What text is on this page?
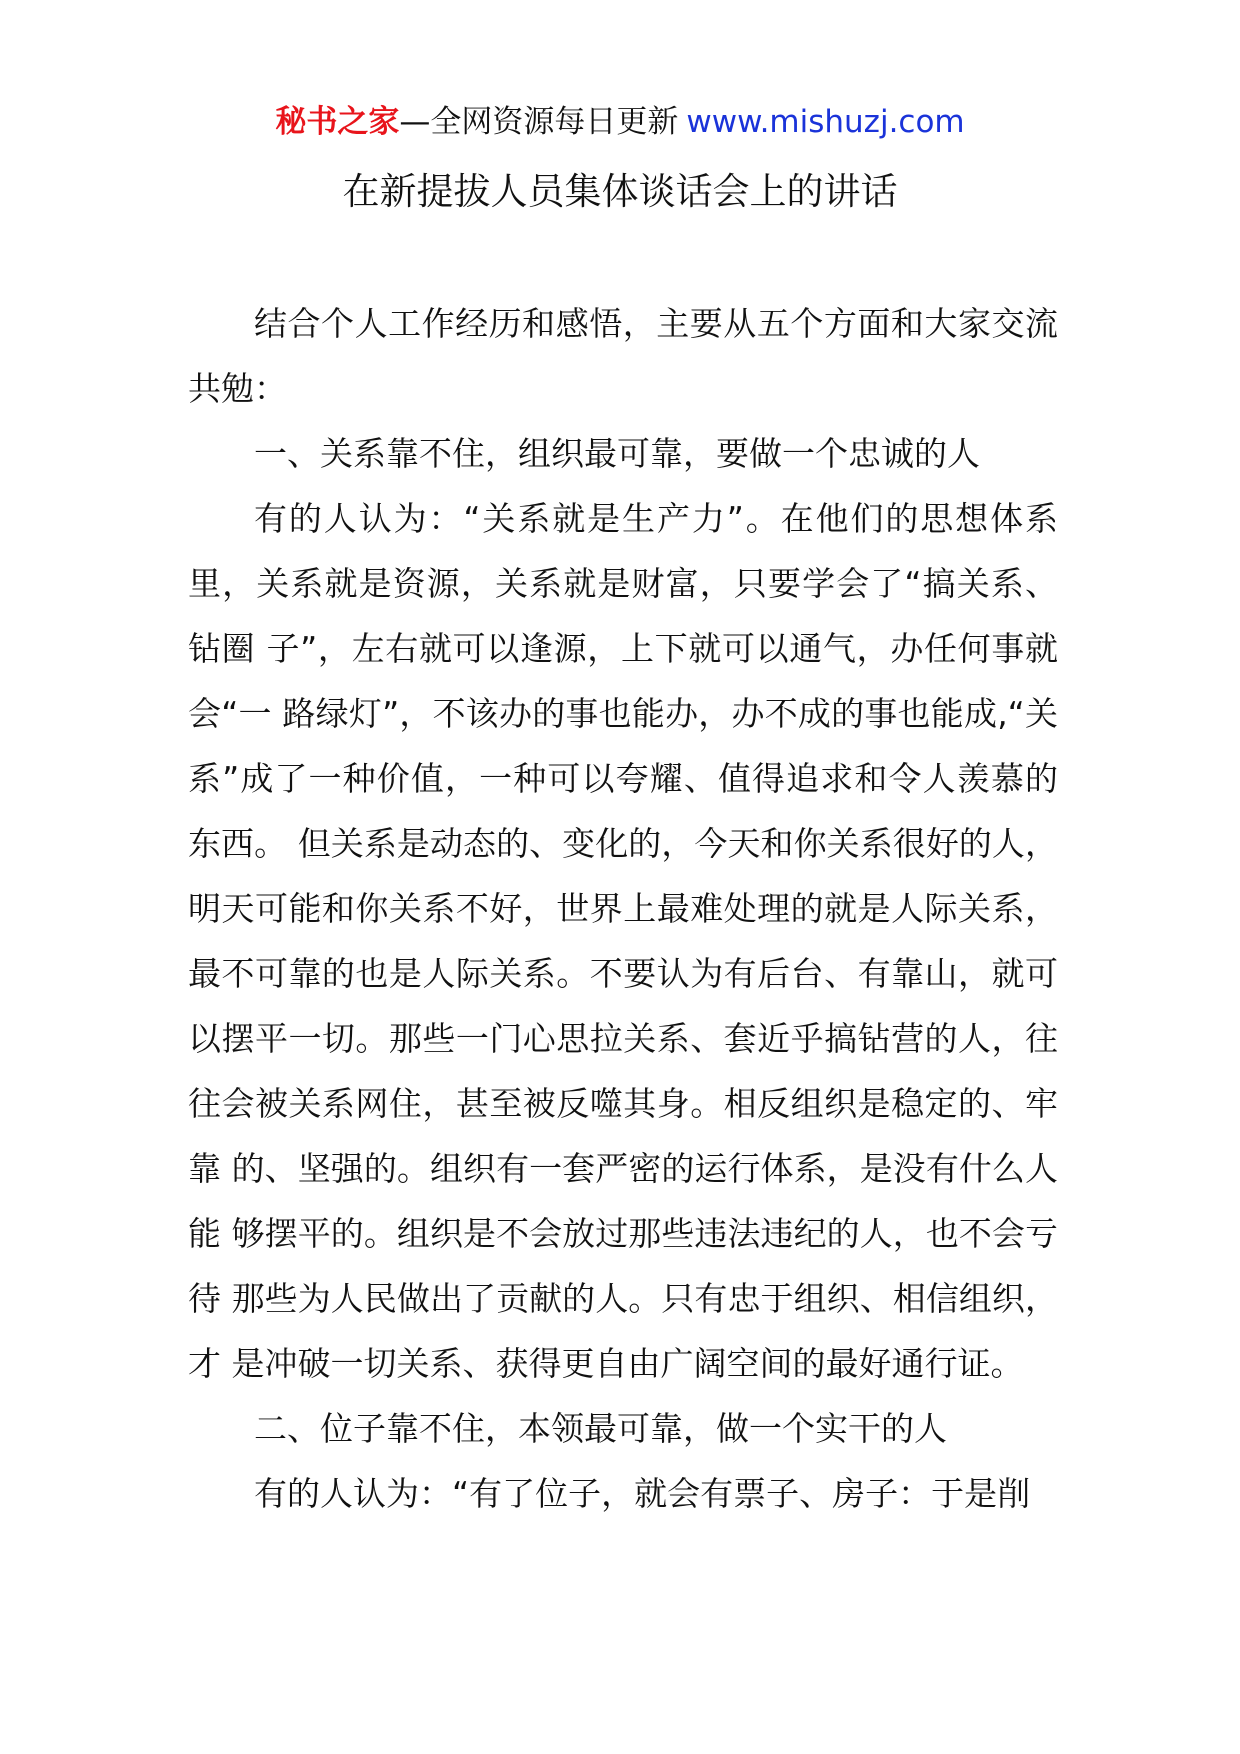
秘书之家—全网资源每日更新 www.mishuzj.com
在新提拔人员集体谈话会上的讲话

结合个人工作经历和感悟，主要从五个方面和大家交流共勉：

一、关系靠不住，组织最可靠，要做一个忠诚的人

有的人认为：“关系就是生产力”。在他们的思想体系里，关系就是资源，关系就是财富，只要学会了“搞关系、钻圈 子”，左右就可以逢源，上下就可以通气，办任何事就会“一 路绿灯”，不该办的事也能办，办不成的事也能成,“关系”成了一种价值，一种可以夸耀、值得追求和令人羡慕的东西。 但关系是动态的、变化的，今天和你关系很好的人，明天可能和你关系不好，世界上最难处理的就是人际关系，最不可靠的也是人际关系。不要认为有后台、有靠山，就可以摆平一切。那些一门心思拉关系、套近乎搞钻营的人，往往会被关系网住，甚至被反噬其身。相反组织是稳定的、牢靠 的、坚强的。组织有一套严密的运行体系，是没有什么人能 够摆平的。组织是不会放过那些违法违纪的人，也不会亏待 那些为人民做出了贡献的人。只有忠于组织、相信组织，才 是冲破一切关系、获得更自由广阔空间的最好通行证。

二、位子靠不住，本领最可靠，做一个实干的人

有的人认为：“有了位子，就会有票子、房子：于是削
